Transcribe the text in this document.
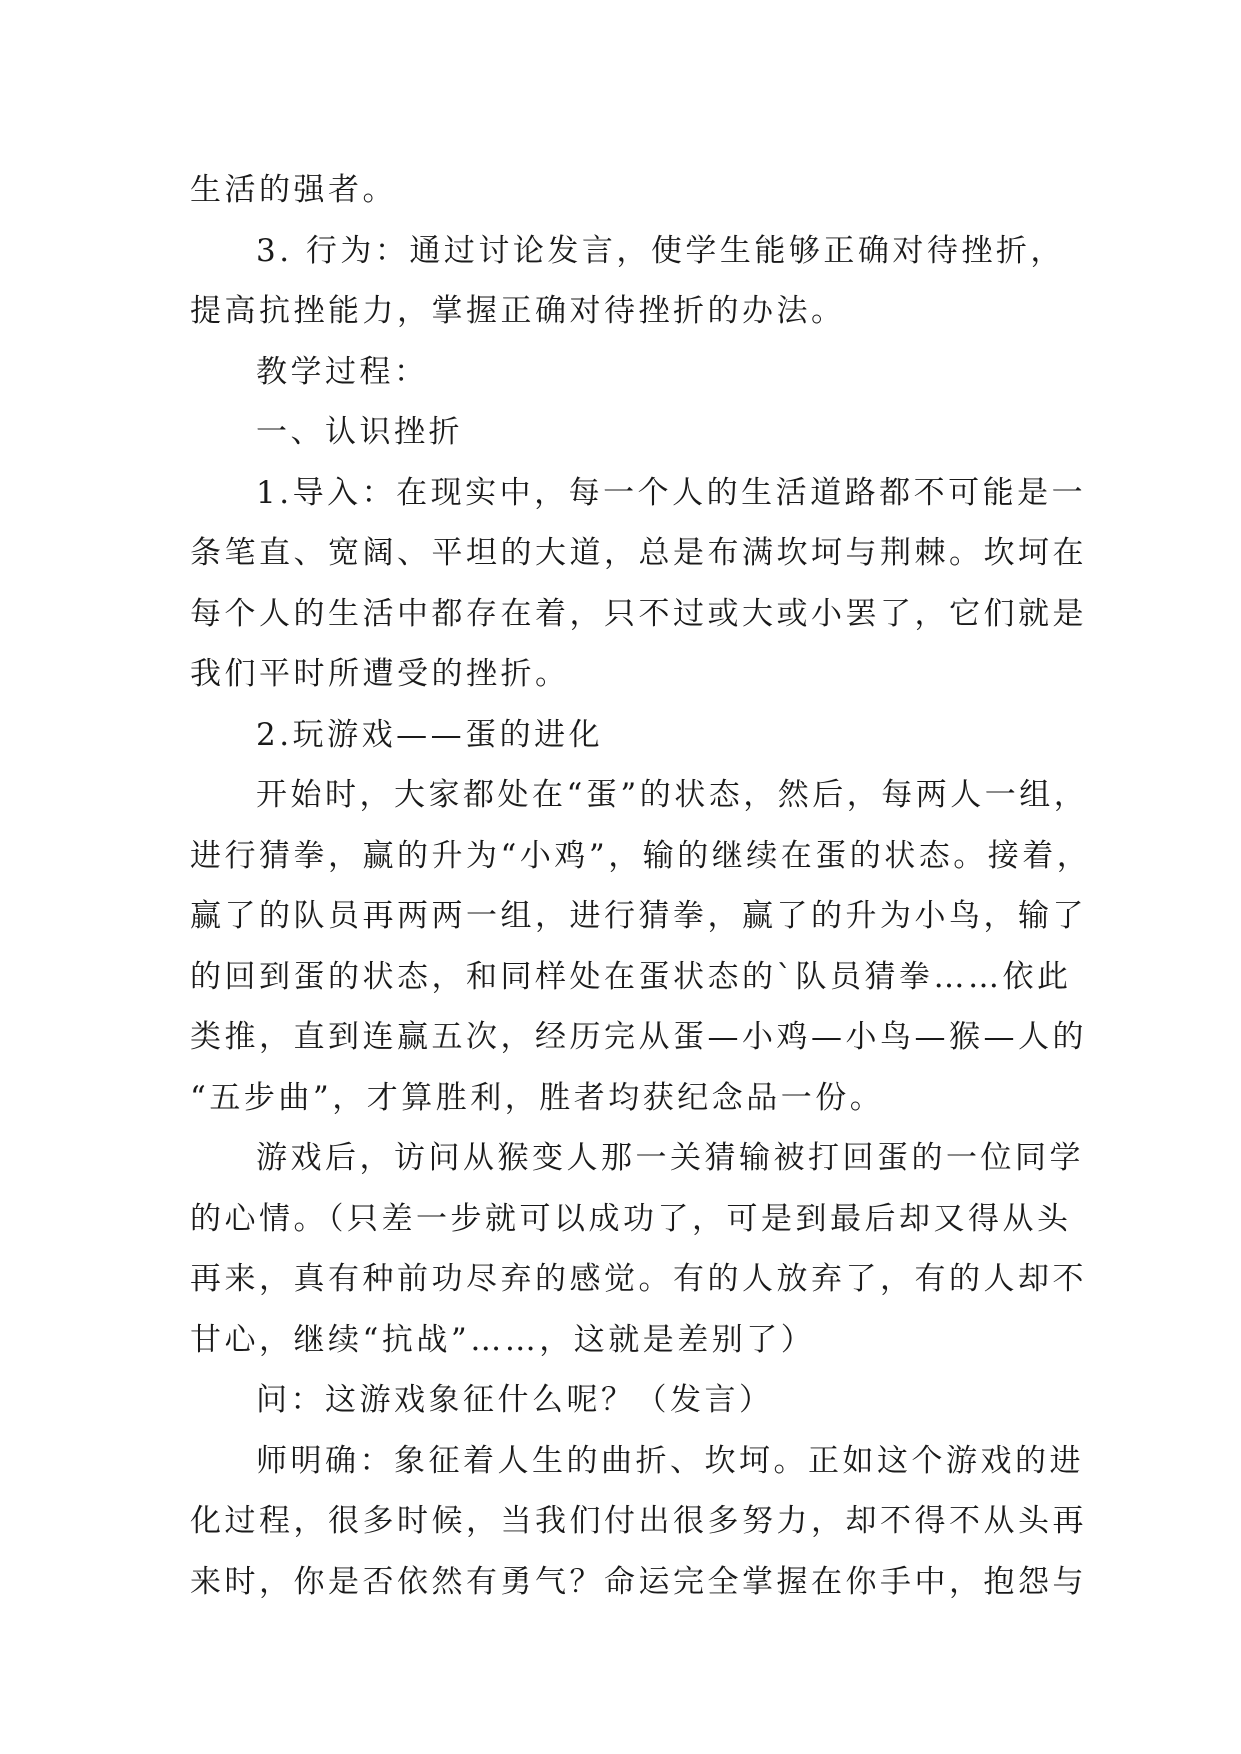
生活的强者。

3. 行为：通过讨论发言，使学生能够正确对待挫折，

提高抗挫能力，掌握正确对待挫折的办法。

教学过程：

一、认识挫折

1.导入：在现实中，每一个人的生活道路都不可能是一

条笔直、宽阔、平坦的大道，总是布满坎坷与荆棘。坎坷在

每个人的生活中都存在着，只不过或大或小罢了，它们就是

我们平时所遭受的挫折。

2.玩游戏——蛋的进化

开始时，大家都处在“蛋”的状态，然后，每两人一组，

进行猜拳，赢的升为“小鸡”，输的继续在蛋的状态。接着，

赢了的队员再两两一组，进行猜拳，赢了的升为小鸟，输了

的回到蛋的状态，和同样处在蛋状态的`队员猜拳……依此

类推，直到连赢五次，经历完从蛋—小鸡—小鸟—猴—人的

“五步曲”，才算胜利，胜者均获纪念品一份。

游戏后，访问从猴变人那一关猜输被打回蛋的一位同学

的心情。（只差一步就可以成功了，可是到最后却又得从头

再来，真有种前功尽弃的感觉。有的人放弃了，有的人却不

甘心，继续“抗战”……，这就是差别了）

问：这游戏象征什么呢？（发言）

师明确：象征着人生的曲折、坎坷。正如这个游戏的进

化过程，很多时候，当我们付出很多努力，却不得不从头再

来时，你是否依然有勇气？命运完全掌握在你手中，抱怨与
